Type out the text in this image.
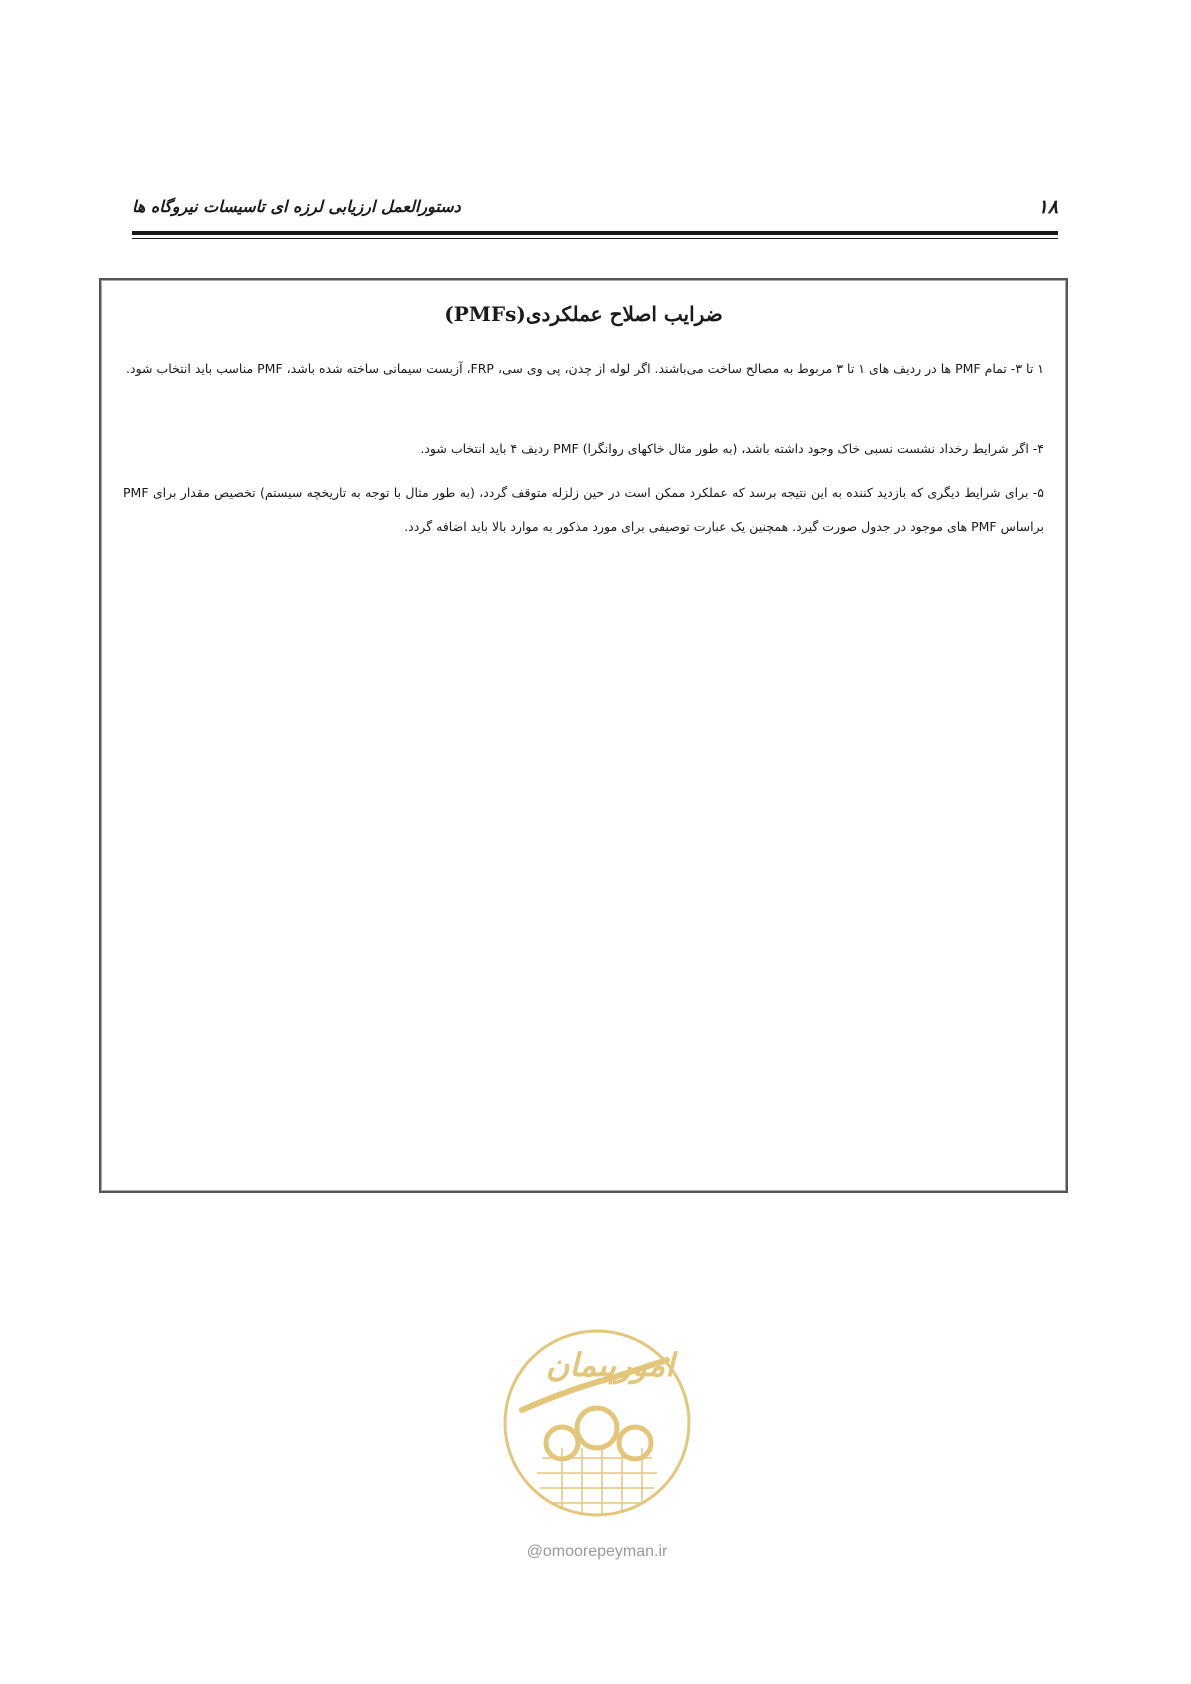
۱۸
دستورالعمل ارزیابی لرزه ای تاسیسات نیروگاه ها
ضرایب اصلاح عملکردی(PMFs)
۱ تا ۳- تمام PMF ها در ردیف های ۱ تا ۳ مربوط به مصالح ساخت می‌باشند. اگر لوله از چدن، پی وی سی، FRP، آزبست سیمانی ساخته شده باشد، PMF مناسب باید انتخاب شود.
۴- اگر شرایط رخداد نشست نسبی خاک وجود داشته باشد، (به طور مثال خاکهای روانگرا) PMF ردیف ۴ باید انتخاب شود.
۵- برای شرایط دیگری که بازدید کننده به این نتیجه برسد که عملکرد ممکن است در حین زلزله متوقف گردد، (به طور مثال با توجه به تاریخچه سیستم) تخصیص مقدار برای PMF براساس PMF های موجود در جدول صورت گیرد. همچنین یک عبارت توصیفی برای مورد مذکور به موارد بالا باید اضافه گردد.
امورپیمان
@omoorepeyman.ir
